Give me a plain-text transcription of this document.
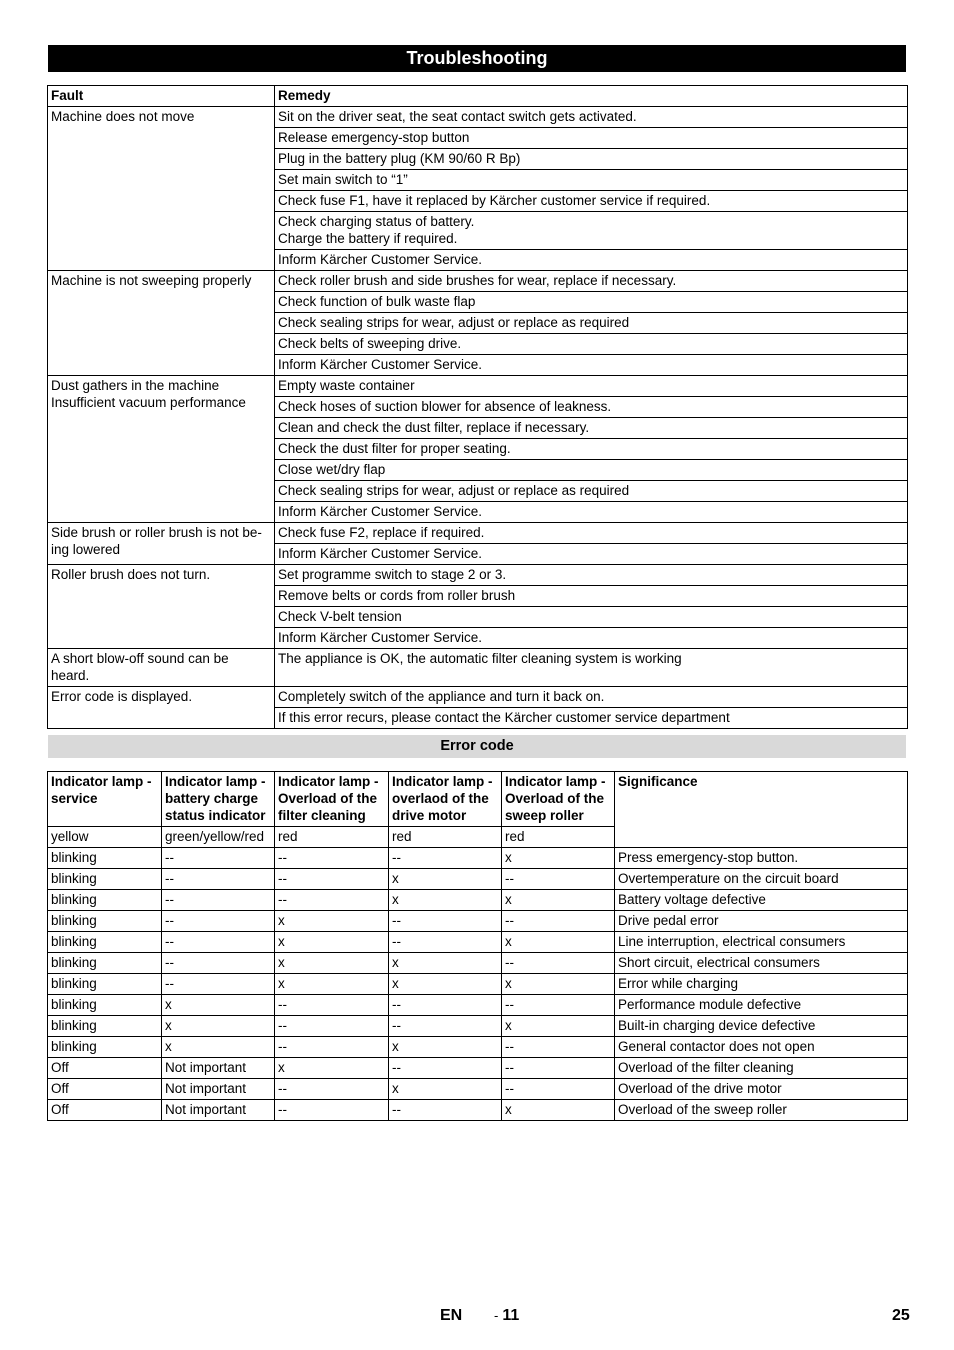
Troubleshooting
Fault	Remedy
Machine does not move	Sit on the driver seat, the seat contact switch gets activated.
	Release emergency-stop button
	Plug in the battery plug (KM 90/60 R Bp)
	Set main switch to “1”
	Check fuse F1, have it replaced by Kärcher customer service if required.
	Check charging status of battery.
Charge the battery if required.
	Inform Kärcher Customer Service.
Machine is not sweeping properly	Check roller brush and side brushes for wear, replace if necessary.
	Check function of bulk waste flap
	Check sealing strips for wear, adjust or replace as required
	Check belts of sweeping drive.
	Inform Kärcher Customer Service.
Dust gathers in the machine
Insufficient vacuum performance	Empty waste container
	Check hoses of suction blower for absence of leakness.
	Clean and check the dust filter, replace if necessary.
	Check the dust filter for proper seating.
	Close wet/dry flap
	Check sealing strips for wear, adjust or replace as required
	Inform Kärcher Customer Service.
Side brush or roller brush is not be-
ing lowered	Check fuse F2, replace if required.
	Inform Kärcher Customer Service.
Roller brush does not turn.	Set programme switch to stage 2 or 3.
	Remove belts or cords from roller brush
	Check V-belt tension
	Inform Kärcher Customer Service.
A short blow-off sound can be
heard.	The appliance is OK, the automatic filter cleaning system is working
Error code is displayed.	Completely switch of the appliance and turn it back on.
	If this error recurs, please contact the Kärcher customer service department
Error code
Indicator lamp -
service	Indicator lamp -
battery charge
status indicator	Indicator lamp -
Overload of the
filter cleaning	Indicator lamp -
overlaod of the
drive motor	Indicator lamp -
Overload of the
sweep roller	Significance
yellow	green/yellow/red	red	red	red	
blinking	--	--	--	x	Press emergency-stop button.
blinking	--	--	x	--	Overtemperature on the circuit board
blinking	--	--	x	x	Battery voltage defective
blinking	--	x	--	--	Drive pedal error
blinking	--	x	--	x	Line interruption, electrical consumers
blinking	--	x	x	--	Short circuit, electrical consumers
blinking	--	x	x	x	Error while charging
blinking	x	--	--	--	Performance module defective
blinking	x	--	--	x	Built-in charging device defective
blinking	x	--	x	--	General contactor does not open
Off	Not important	x	--	--	Overload of the filter cleaning
Off	Not important	--	x	--	Overload of the drive motor
Off	Not important	--	--	x	Overload of the sweep roller
EN - 11	25
